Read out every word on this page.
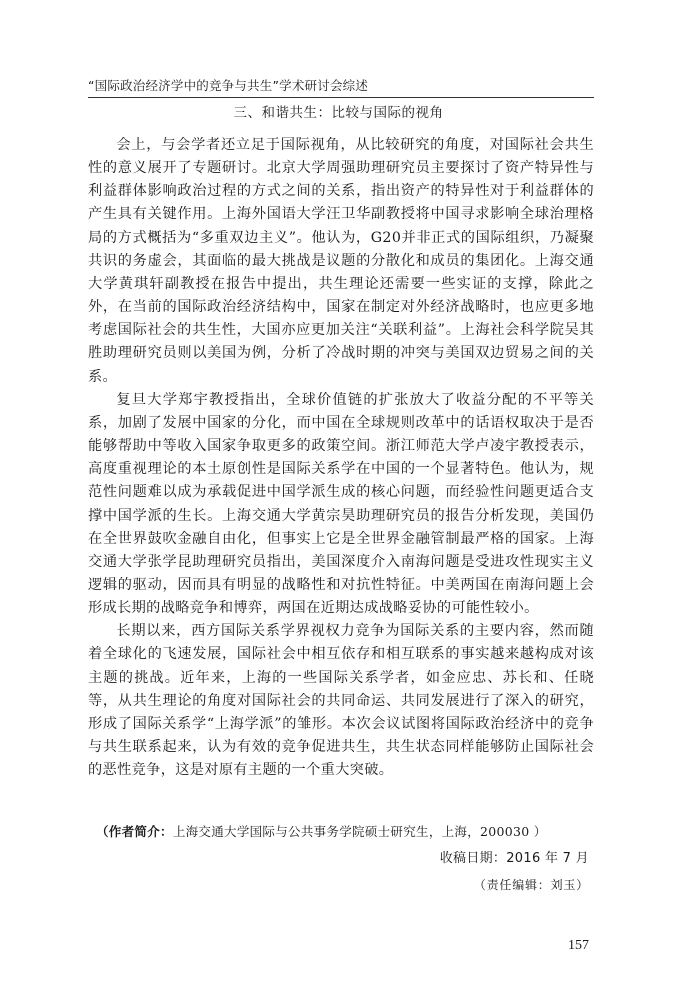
“国际政治经济学中的竞争与共生”学术研讨会综述
三、和谐共生：比较与国际的视角

会上，与会学者还立足于国际视角，从比较研究的角度，对国际社会共生性的意义展开了专题研讨。北京大学周强助理研究员主要探讨了资产特异性与利益群体影响政治过程的方式之间的关系，指出资产的特异性对于利益群体的产生具有关键作用。上海外国语大学汪卫华副教授将中国寻求影响全球治理格局的方式概括为“多重双边主义”。他认为，G20并非正式的国际组织，乃凝聚共识的务虚会，其面临的最大挑战是议题的分散化和成员的集团化。上海交通大学黄琪轩副教授在报告中提出，共生理论还需要一些实证的支撑，除此之外，在当前的国际政治经济结构中，国家在制定对外经济战略时，也应更多地考虑国际社会的共生性，大国亦应更加关注“关联利益”。上海社会科学院吴其胜助理研究员则以美国为例，分析了冷战时期的冲突与美国双边贸易之间的关系。

复旦大学郑宇教授指出，全球价值链的扩张放大了收益分配的不平等关系，加剧了发展中国家的分化，而中国在全球规则改革中的话语权取决于是否能够帮助中等收入国家争取更多的政策空间。浙江师范大学卢凌宇教授表示，高度重视理论的本土原创性是国际关系学在中国的一个显著特色。他认为，规范性问题难以成为承载促进中国学派生成的核心问题，而经验性问题更适合支撑中国学派的生长。上海交通大学黄宗昊助理研究员的报告分析发现，美国仍在全世界鼓吹金融自由化，但事实上它是全世界金融管制最严格的国家。上海交通大学张学昆助理研究员指出，美国深度介入南海问题是受进攻性现实主义逻辑的驱动，因而具有明显的战略性和对抗性特征。中美两国在南海问题上会形成长期的战略竞争和博弈，两国在近期达成战略妥协的可能性较小。

长期以来，西方国际关系学界视权力竞争为国际关系的主要内容，然而随着全球化的飞速发展，国际社会中相互依存和相互联系的事实越来越构成对该主题的挑战。近年来，上海的一些国际关系学者，如金应忠、苏长和、任晓等，从共生理论的角度对国际社会的共同命运、共同发展进行了深入的研究，形成了国际关系学“上海学派”的雏形。本次会议试图将国际政治经济中的竞争与共生联系起来，认为有效的竞争促进共生，共生状态同样能够防止国际社会的恶性竞争，这是对原有主题的一个重大突破。

（作者简介：上海交通大学国际与公共事务学院硕士研究生，上海，200030 ）
收稿日期：2016 年 7 月
（责任编辑：刘玉）
157
